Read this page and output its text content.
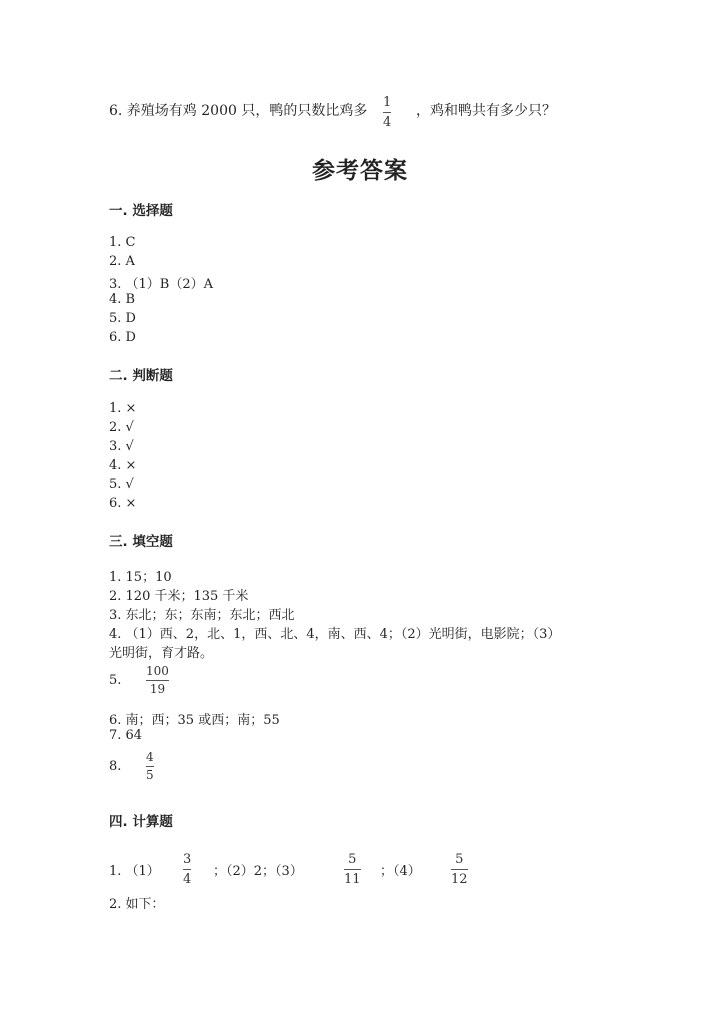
6. 养殖场有鸡 2000 只，鸭的只数比鸡多
1
4
，鸡和鸭共有多少只？
参考答案
一. 选择题
1. C
2. A
3. （1）B（2）A
4. B
5. D
6. D
二. 判断题
1. ×
2. √
3. √
4. ×
5. √
6. ×
三. 填空题
1. 15；10
2. 120 千米；135 千米
3. 东北；东；东南；东北；西北
4. （1）西、2，北、1，西、北、4，南、西、4；（2）光明街，电影院；（3）
光明街，育才路。
5.
100
19
6. 南；西；35 或西；南；55
7. 64
8.
4
5
四. 计算题
1. （1）
3
4
；（2）2；（3）
5
11
；（4）
5
12
2. 如下：
